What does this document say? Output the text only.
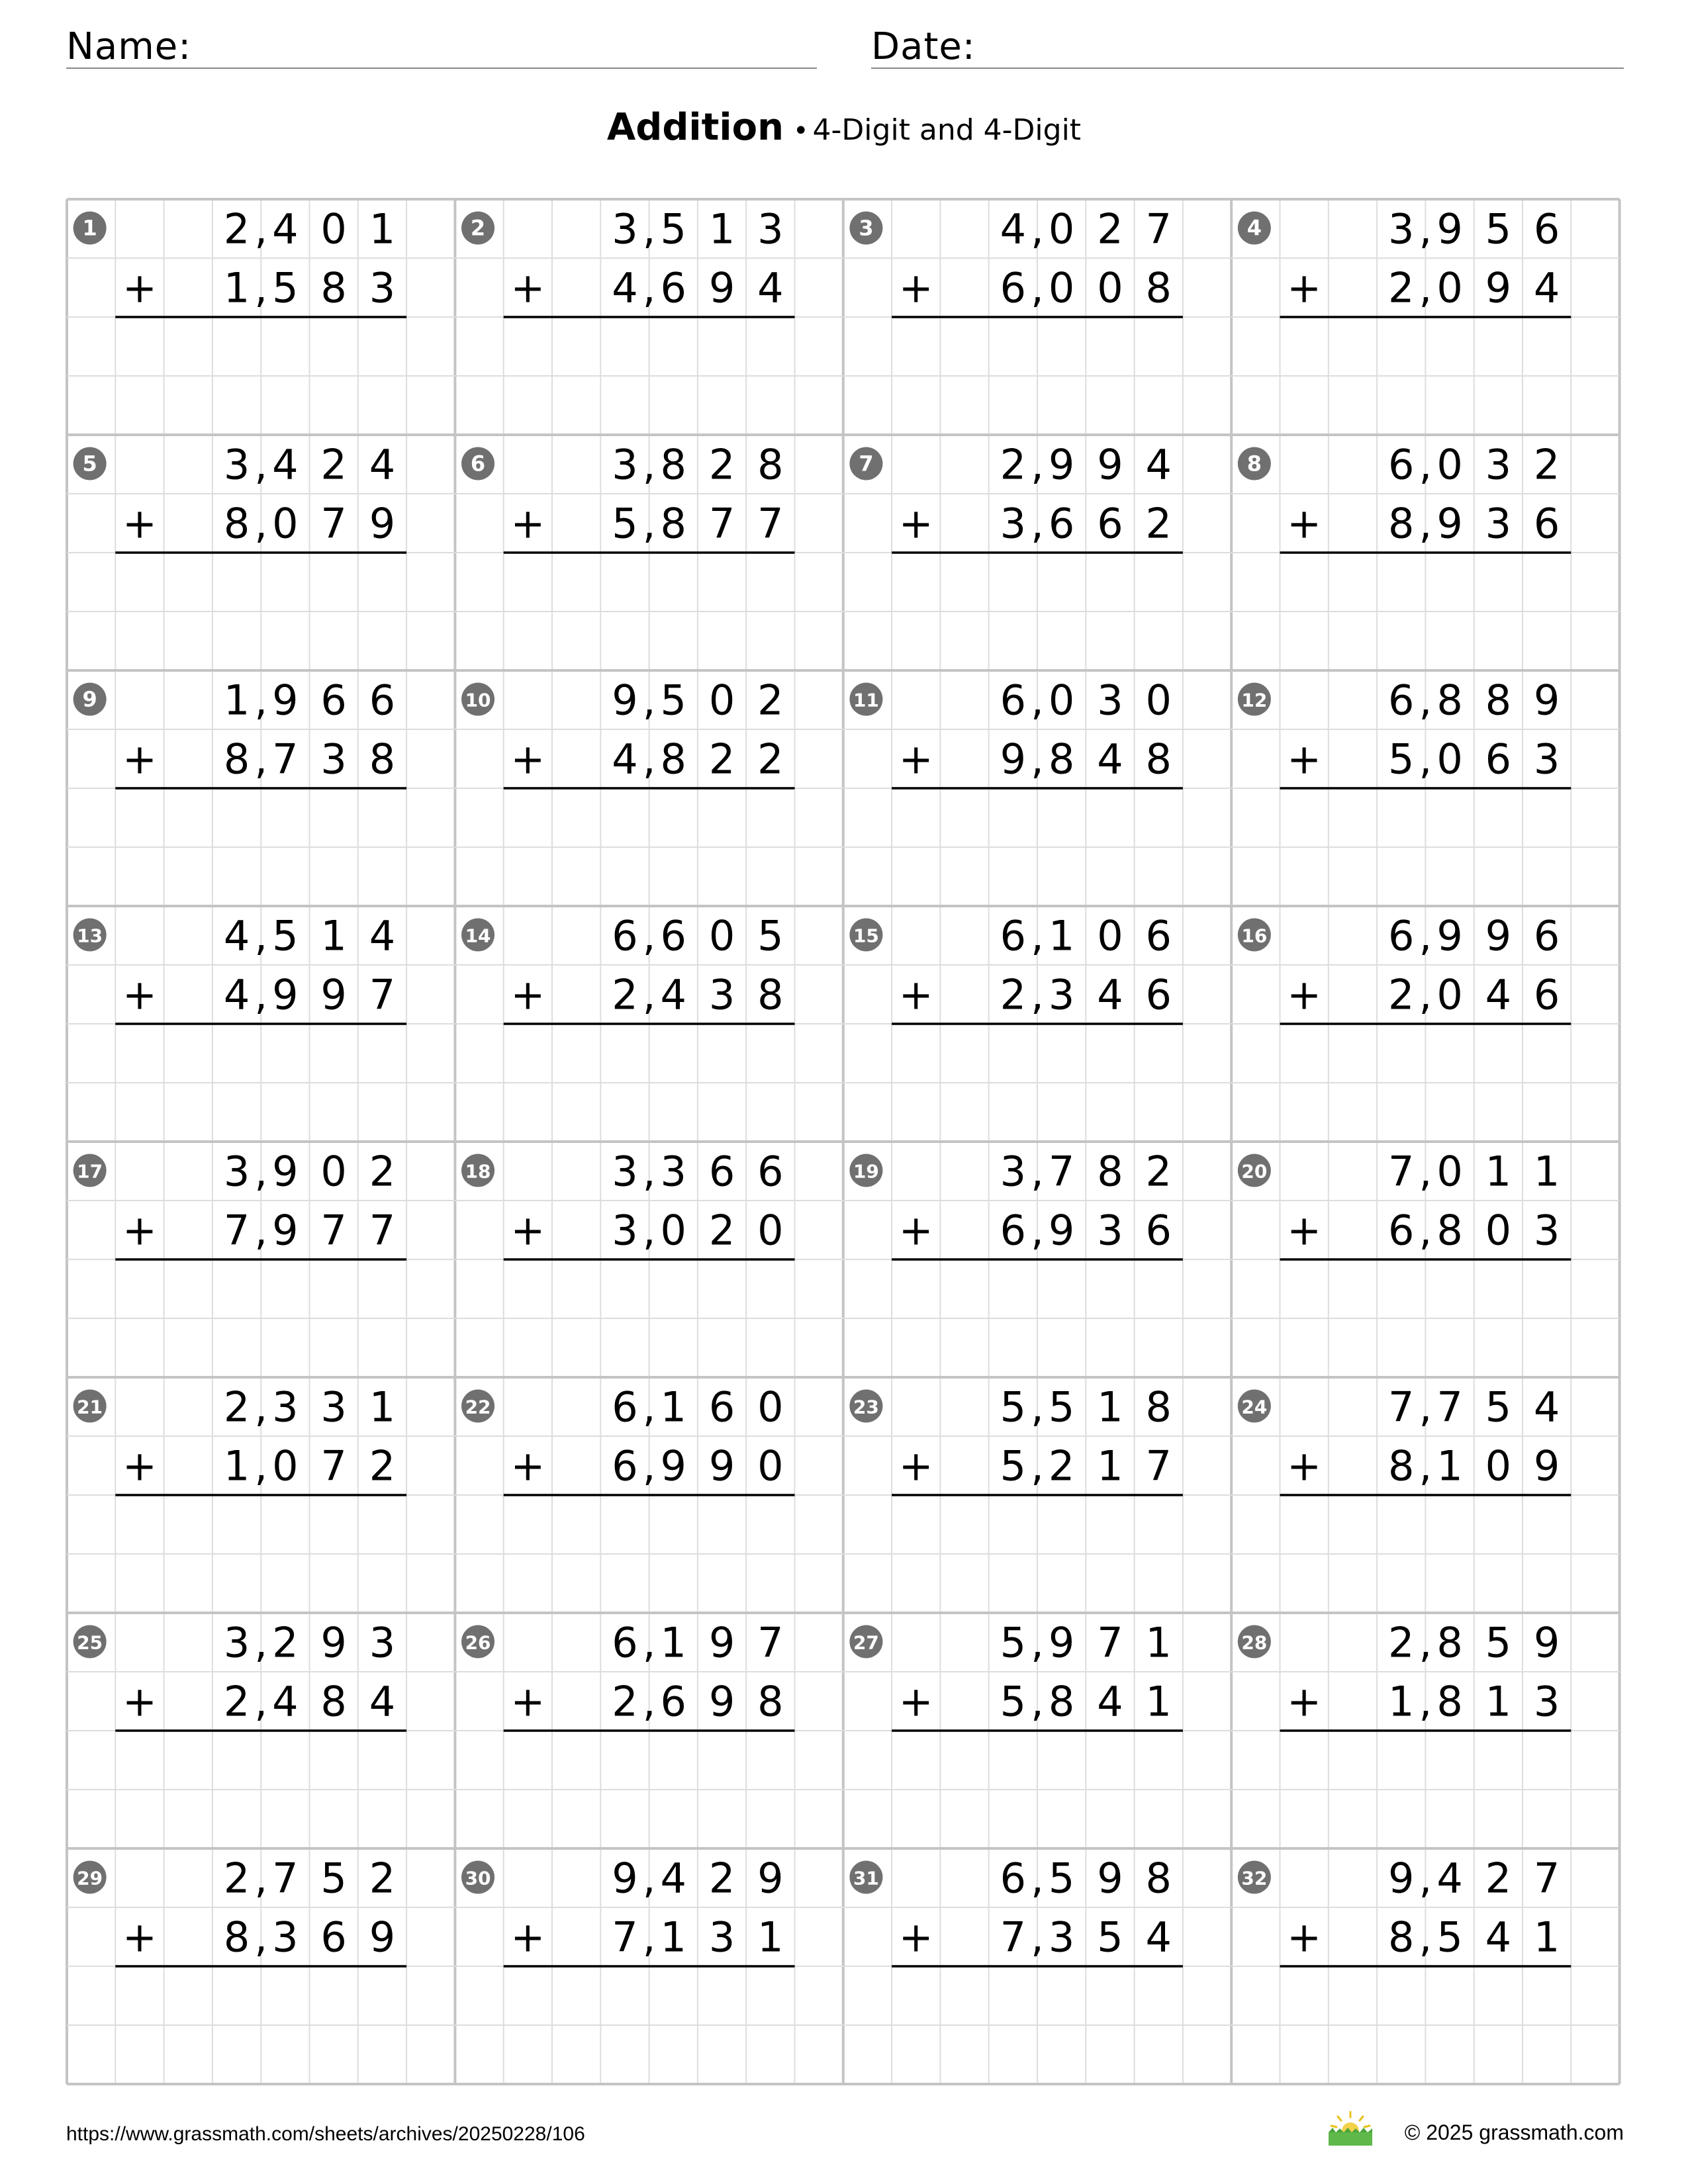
Name:	Date:
Addition • 4-Digit and 4-Digit
1	2 4 0 1
,
1 5 8 3
,
+
2	3 5 1 3
,
4 6 9 4
,
+
3	4 0 2 7
,
6 0 0 8
,
+
4	3 9 5 6
,
2 0 9 4
,
+
5	3 4 2 4
,
8 0 7 9
,
+
6	3 8 2 8
,
5 8 7 7
,
+
7	2 9 9 4
,
3 6 6 2
,
+
8	6 0 3 2
,
8 9 3 6
,
+
9	1 9 6 6
,
8 7 3 8
,
+
10	9 5 0 2
,
4 8 2 2
,
+
11	6 0 3 0
,
9 8 4 8
,
+
12	6 8 8 9
,
5 0 6 3
,
+
13	4 5 1 4
,
4 9 9 7
,
+
14	6 6 0 5
,
2 4 3 8
,
+
15	6 1 0 6
,
2 3 4 6
,
+
16	6 9 9 6
,
2 0 4 6
,
+
17	3 9 0 2
,
7 9 7 7
,
+
18	3 3 6 6
,
3 0 2 0
,
+
19	3 7 8 2
,
6 9 3 6
,
+
20	7 0 1 1
,
6 8 0 3
,
+
21	2 3 3 1
,
1 0 7 2
,
+
22	6 1 6 0
,
6 9 9 0
,
+
23	5 5 1 8
,
5 2 1 7
,
+
24	7 7 5 4
,
8 1 0 9
,
+
25	3 2 9 3
,
2 4 8 4
,
+
26	6 1 9 7
,
2 6 9 8
,
+
27	5 9 7 1
,
5 8 4 1
,
+
28	2 8 5 9
,
1 8 1 3
,
+
29	2 7 5 2
,
8 3 6 9
,
+
30	9 4 2 9
,
7 1 3 1
,
+
31	6 5 9 8
,
7 3 5 4
,
+
32	9 4 2 7
,
8 5 4 1
,
+
https://www.grassmath.com/sheets/archives/20250228/106	© 2025 grassmath.com
